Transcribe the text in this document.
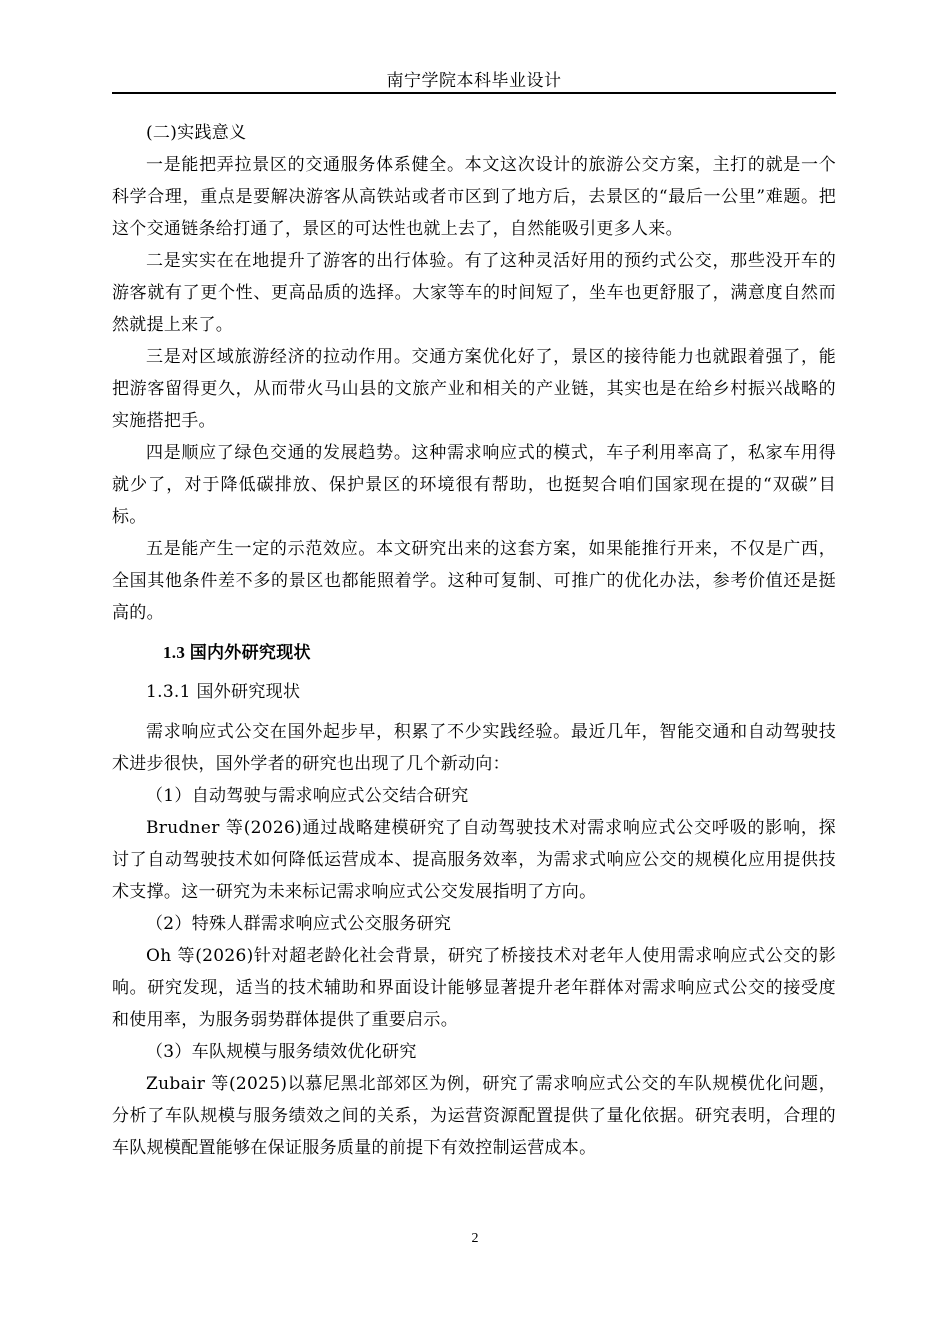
南宁学院本科毕业设计

(二)实践意义

一是能把弄拉景区的交通服务体系健全。本文这次设计的旅游公交方案，主打的就是一个科学合理，重点是要解决游客从高铁站或者市区到了地方后，去景区的“最后一公里”难题。把这个交通链条给打通了，景区的可达性也就上去了，自然能吸引更多人来。

二是实实在在地提升了游客的出行体验。有了这种灵活好用的预约式公交，那些没开车的游客就有了更个性、更高品质的选择。大家等车的时间短了，坐车也更舒服了，满意度自然而然就提上来了。

三是对区域旅游经济的拉动作用。交通方案优化好了，景区的接待能力也就跟着强了，能把游客留得更久，从而带火马山县的文旅产业和相关的产业链，其实也是在给乡村振兴战略的实施搭把手。

四是顺应了绿色交通的发展趋势。这种需求响应式的模式，车子利用率高了，私家车用得就少了，对于降低碳排放、保护景区的环境很有帮助，也挺契合咱们国家现在提的“双碳”目标。

五是能产生一定的示范效应。本文研究出来的这套方案，如果能推行开来，不仅是广西，全国其他条件差不多的景区也都能照着学。这种可复制、可推广的优化办法，参考价值还是挺高的。

1.3 国内外研究现状

1.3.1 国外研究现状

需求响应式公交在国外起步早，积累了不少实践经验。最近几年，智能交通和自动驾驶技术进步很快，国外学者的研究也出现了几个新动向：

（1）自动驾驶与需求响应式公交结合研究

Brudner 等(2026)通过战略建模研究了自动驾驶技术对需求响应式公交呼吸的影响，探讨了自动驾驶技术如何降低运营成本、提高服务效率，为需求式响应公交的规模化应用提供技术支撑。这一研究为未来标记需求响应式公交发展指明了方向。

（2）特殊人群需求响应式公交服务研究

Oh 等(2026)针对超老龄化社会背景，研究了桥接技术对老年人使用需求响应式公交的影响。研究发现，适当的技术辅助和界面设计能够显著提升老年群体对需求响应式公交的接受度和使用率，为服务弱势群体提供了重要启示。

（3）车队规模与服务绩效优化研究

Zubair 等(2025)以慕尼黑北部郊区为例，研究了需求响应式公交的车队规模优化问题，分析了车队规模与服务绩效之间的关系，为运营资源配置提供了量化依据。研究表明，合理的车队规模配置能够在保证服务质量的前提下有效控制运营成本。

2
